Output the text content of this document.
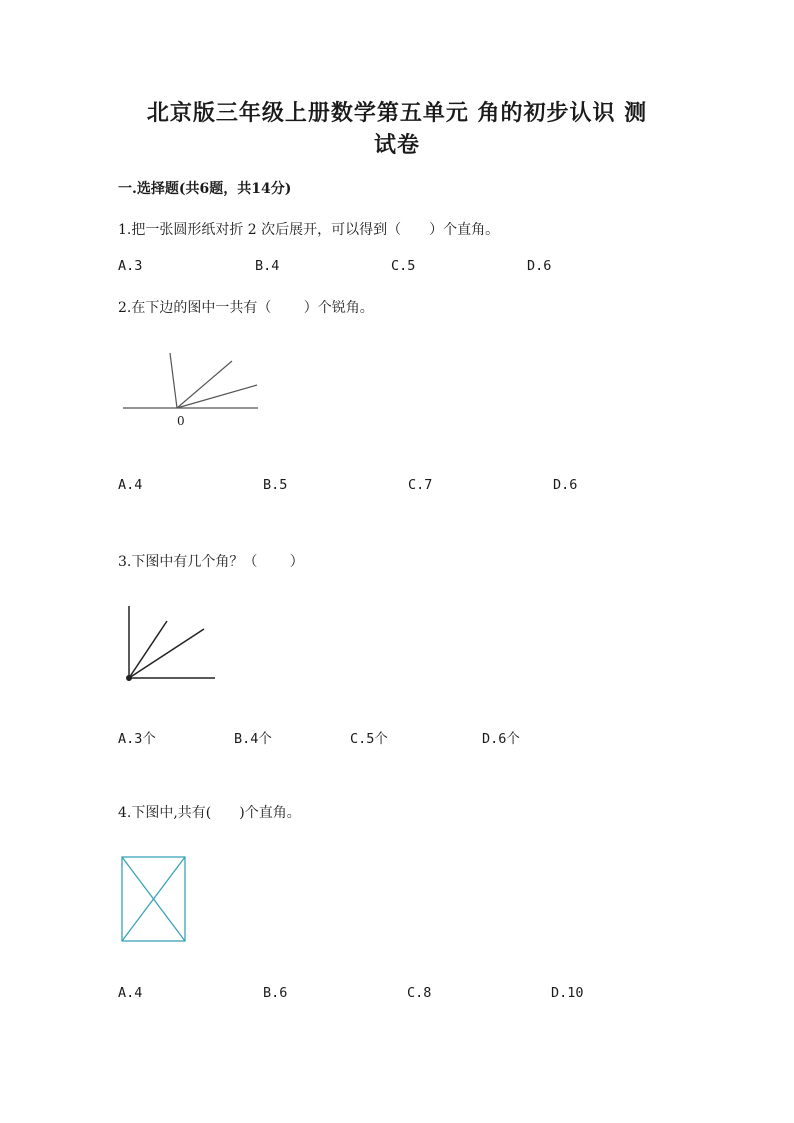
北京版三年级上册数学第五单元 角的初步认识 测
试卷
一.选择题(共6题，共14分)
1.把一张圆形纸对折 2 次后展开，可以得到（　　）个直角。
A.3	B.4	C.5	D.6
2.在下边的图中一共有（　　 ）个锐角。
0
A.4	B.5	C.7	D.6
3.下图中有几个角？（　　 ）
A.3个	B.4个	C.5个	D.6个
4.下图中,共有(　　)个直角。
A.4	B.6	C.8	D.10
